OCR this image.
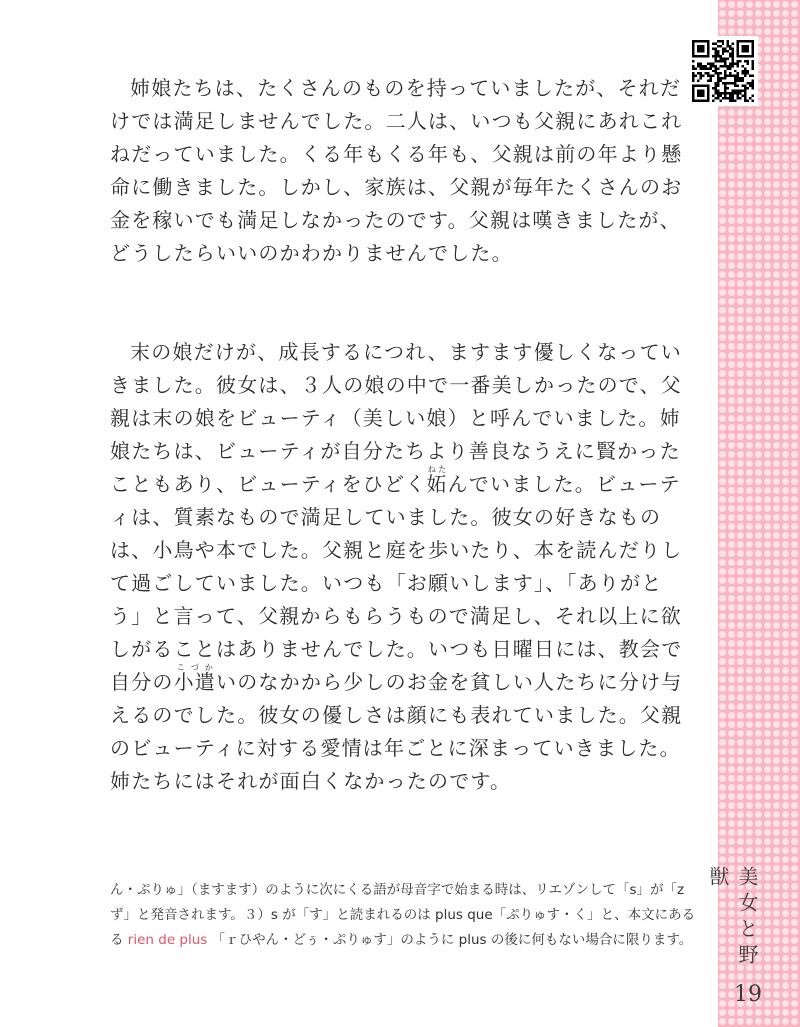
姉娘たちは、たくさんのものを持っていましたが、それだけでは満足しませんでした。二人は、いつも父親にあれこれねだっていました。くる年もくる年も、父親は前の年より懸命に働きました。しかし、家族は、父親が毎年たくさんのお金を稼いでも満足しなかったのです。父親は嘆きましたが、どうしたらいいのかわかりませんでした。

末の娘だけが、成長するにつれ、ますます優しくなっていきました。彼女は、３人の娘の中で一番美しかったので、父親は末の娘をビューティ（美しい娘）と呼んでいました。姉娘たちは、ビューティが自分たちより善良なうえに賢かったこともあり、ビューティをひどく妬ねたんでいました。ビューティは、質素なもので満足していました。彼女の好きなものは、小鳥や本でした。父親と庭を歩いたり、本を読んだりして過ごしていました。いつも「お願いします」、「ありがとう」と言って、父親からもらうもので満足し、それ以上に欲しがることはありませんでした。いつも日曜日には、教会で自分の小遣こづかいのなかから少しのお金を貧しい人たちに分け与えるのでした。彼女の優しさは顔にも表れていました。父親のビューティに対する愛情は年ごとに深まっていきました。姉たちにはそれが面白くなかったのです。

ん・ぷりゅ」（ますます）のように次にくる語が母音字で始まる時は、リエゾンして「s」が「z

ず」と発音されます。３）s が「す」と読まれるのは plus que「ぷりゅす・く」と、本文にある

る rien de plus 「ｒひやん・どぅ・ぷりゅす」のように plus の後に何もない場合に限ります。 美女と野獣
19
